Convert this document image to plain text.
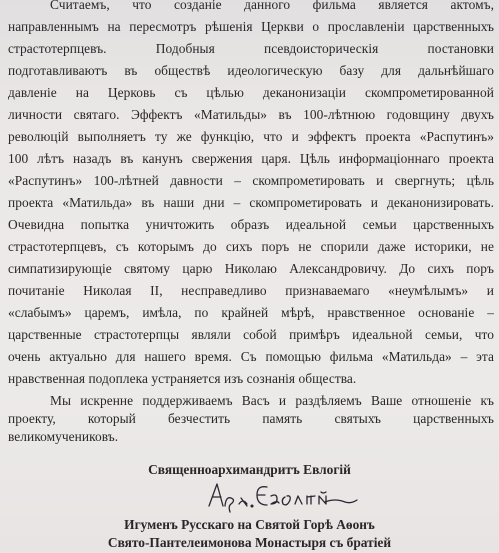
Считаемъ, что созданіе данного фильма является актомъ,
направленнымъ на пересмотръ рѣшенія Церкви о прославленіи царственныхъ
страстотерпцевъ. Подобныя псевдоисторическія постановки
подготавливаютъ въ обществѣ идеологическую базу для дальнѣйшаго
давленіе на Церковь съ цѣлью деканонизаціи скомпрометированной
личности святаго. Эффектъ «Матильды» въ 100-лѣтнюю годовщину двухъ
революцій выполняетъ ту же функцію, что и эффектъ проекта «Распутинъ»
100 лѣтъ назадъ въ канунъ свержения царя. Цѣль информаціоннаго проекта
«Распутинъ» 100-лѣтней давности – скомпрометировать и свергнуть; цѣль
проекта «Матильда» въ наши дни – скомпрометировать и деканонизировать.
Очевидна попытка уничтожить образъ идеальной семьи царственныхъ
страстотерпцевъ, съ которымъ до сихъ поръ не спорили даже историки, не
симпатизирующіе святому царю Николаю Александровичу. До сихъ поръ
почитаніе Николая II, несправедливо признаваемаго «неумѣлымъ» и
«слабымъ» царемъ, имѣла, по крайней мѣрѣ, нравственное основаніе –
царственные страстотерпцы являли собой примѣръ идеальной семьи, что
очень актуально для нашего время. Съ помощью фильма «Матильда» – эта
нравственная подоплека устраняется изъ сознанія общества.
Мы искренне поддерживаемъ Васъ и раздѣляемъ Ваше отношеніе къ
проекту, который безчестить память святыхъ царственныхъ
великомучениковъ.
Священноархимандритъ Евлогій
Игуменъ Русскаго на Святой Горѣ Аѳонъ
Свято-Пантелеимонова Монастыря съ братіей
